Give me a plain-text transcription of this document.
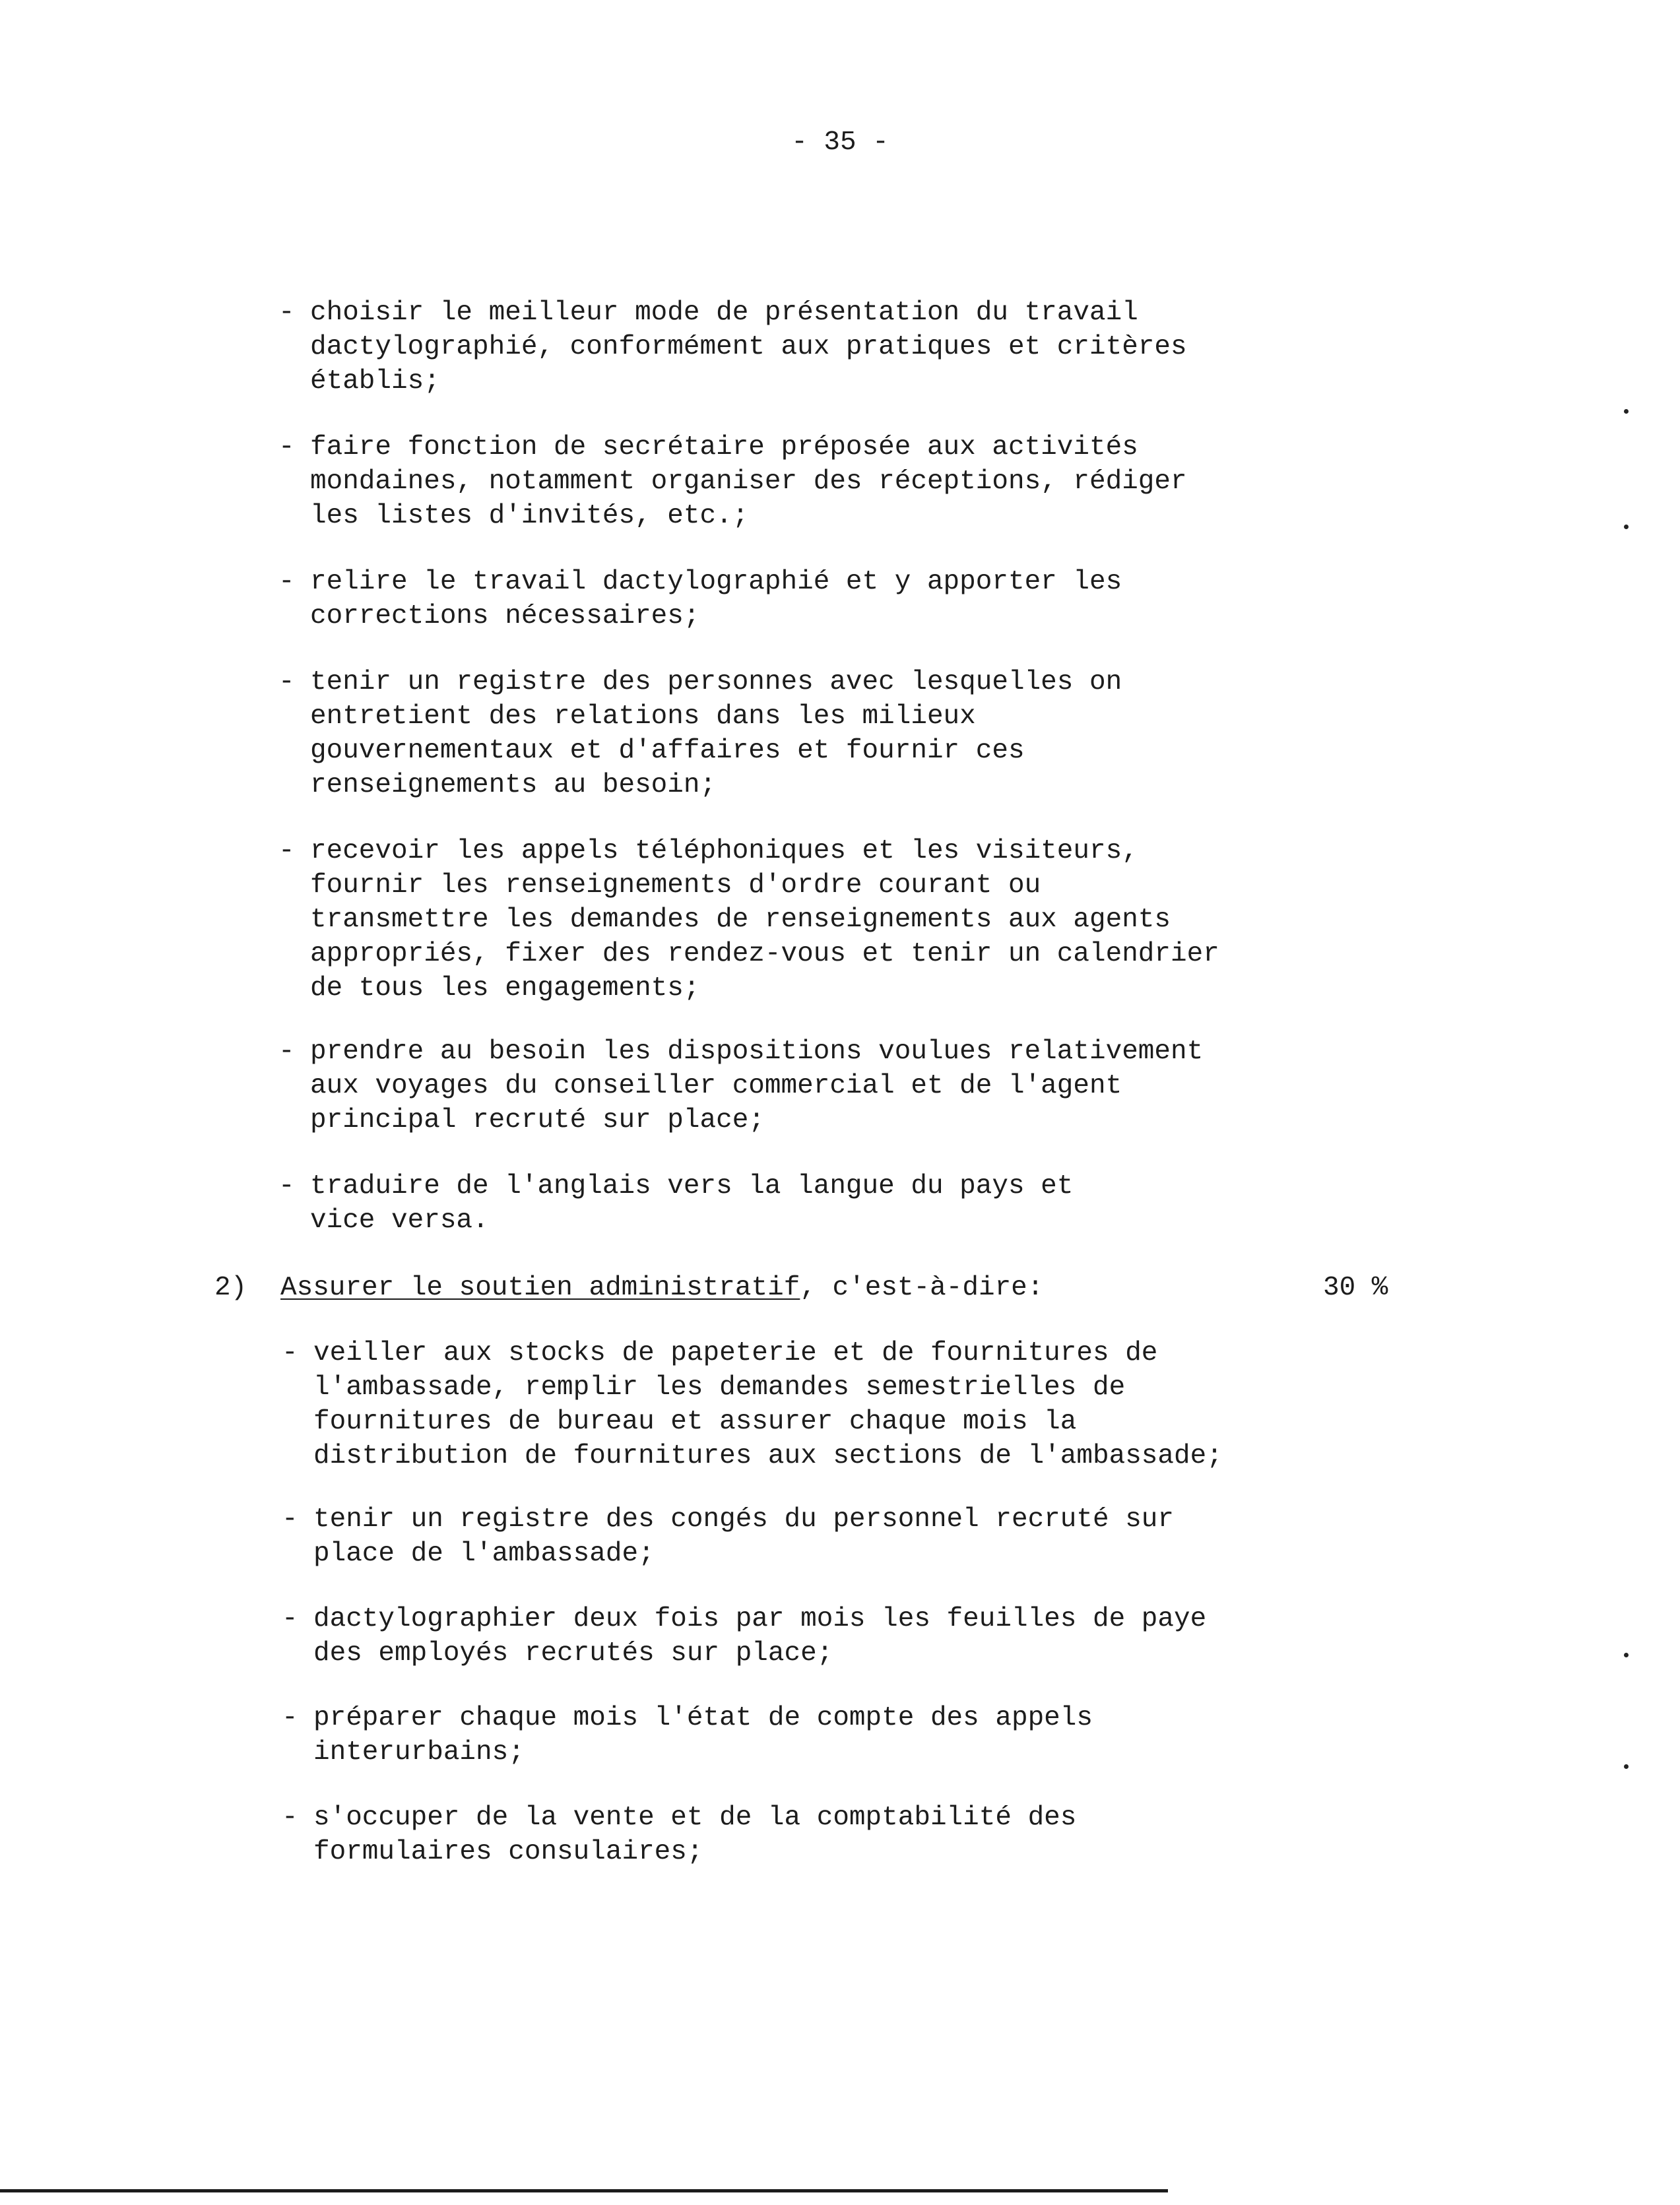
- 35 -
- choisir le meilleur mode de présentation du travail
dactylographié, conformément aux pratiques et critères
établis;
- faire fonction de secrétaire préposée aux activités
mondaines, notamment organiser des réceptions, rédiger
les listes d'invités, etc.;
- relire le travail dactylographié et y apporter les
corrections nécessaires;
- tenir un registre des personnes avec lesquelles on
entretient des relations dans les milieux
gouvernementaux et d'affaires et fournir ces
renseignements au besoin;
- recevoir les appels téléphoniques et les visiteurs,
fournir les renseignements d'ordre courant ou
transmettre les demandes de renseignements aux agents
appropriés, fixer des rendez-vous et tenir un calendrier
de tous les engagements;
- prendre au besoin les dispositions voulues relativement
aux voyages du conseiller commercial et de l'agent
principal recruté sur place;
- traduire de l'anglais vers la langue du pays et
vice versa.
2) Assurer le soutien administratif, c'est-à-dire:	30 %
- veiller aux stocks de papeterie et de fournitures de
l'ambassade, remplir les demandes semestrielles de
fournitures de bureau et assurer chaque mois la
distribution de fournitures aux sections de l'ambassade;
- tenir un registre des congés du personnel recruté sur
place de l'ambassade;
- dactylographier deux fois par mois les feuilles de paye
des employés recrutés sur place;
- préparer chaque mois l'état de compte des appels
interurbains;
- s'occuper de la vente et de la comptabilité des
formulaires consulaires;
